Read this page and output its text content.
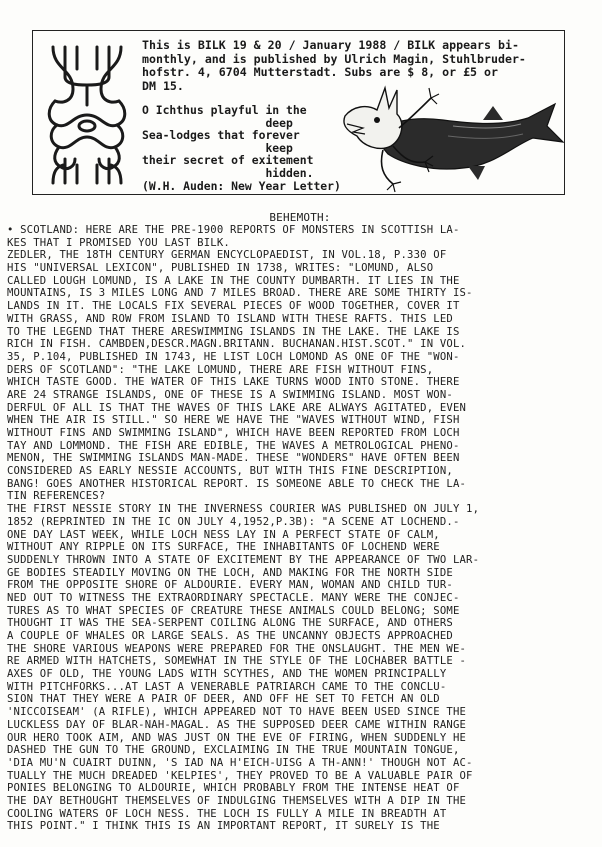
This is BILK 19 & 20 / January 1988 / BILK appears bi-
monthly, and is published by Ulrich Magin, Stuhlbruder-
hofstr. 4, 6704 Mutterstadt. Subs are $ 8, or £5 or
DM 15.
O Ichthus playful in the
deep
Sea-lodges that forever
keep
their secret of exitement
hidden.
(W.H. Auden: New Year Letter)
BEHEMOTH:
• SCOTLAND: HERE ARE THE PRE-1900 REPORTS OF MONSTERS IN SCOTTISH LA-
KES THAT I PROMISED YOU LAST BILK.
ZEDLER, THE 18TH CENTURY GERMAN ENCYCLOPAEDIST, IN VOL.18, P.330 OF
HIS "UNIVERSAL LEXICON", PUBLISHED IN 1738, WRITES: "LOMUND, ALSO
CALLED LOUGH LOMUND, IS A LAKE IN THE COUNTY DUMBARTH. IT LIES IN THE
MOUNTAINS, IS 3 MILES LONG AND 7 MILES BROAD. THERE ARE SOME THIRTY IS-
LANDS IN IT. THE LOCALS FIX SEVERAL PIECES OF WOOD TOGETHER, COVER IT
WITH GRASS, AND ROW FROM ISLAND TO ISLAND WITH THESE RAFTS. THIS LED
TO THE LEGEND THAT THERE ARESWIMMING ISLANDS IN THE LAKE. THE LAKE IS
RICH IN FISH. CAMBDEN,DESCR.MAGN.BRITANN. BUCHANAN.HIST.SCOT." IN VOL.
35, P.104, PUBLISHED IN 1743, HE LIST LOCH LOMOND AS ONE OF THE "WON-
DERS OF SCOTLAND": "THE LAKE LOMUND, THERE ARE FISH WITHOUT FINS,
WHICH TASTE GOOD. THE WATER OF THIS LAKE TURNS WOOD INTO STONE. THERE
ARE 24 STRANGE ISLANDS, ONE OF THESE IS A SWIMMING ISLAND. MOST WON-
DERFUL OF ALL IS THAT THE WAVES OF THIS LAKE ARE ALWAYS AGITATED, EVEN
WHEN THE AIR IS STILL." SO HERE WE HAVE THE "WAVES WITHOUT WIND, FISH
WITHOUT FINS AND SWIMMING ISLAND", WHICH HAVE BEEN REPORTED FROM LOCH
TAY AND LOMMOND. THE FISH ARE EDIBLE, THE WAVES A METROLOGICAL PHENO-
MENON, THE SWIMMING ISLANDS MAN-MADE. THESE "WONDERS" HAVE OFTEN BEEN
CONSIDERED AS EARLY NESSIE ACCOUNTS, BUT WITH THIS FINE DESCRIPTION,
BANG! GOES ANOTHER HISTORICAL REPORT. IS SOMEONE ABLE TO CHECK THE LA-
TIN REFERENCES?
THE FIRST NESSIE STORY IN THE INVERNESS COURIER WAS PUBLISHED ON JULY 1,
1852 (REPRINTED IN THE IC ON JULY 4,1952,P.3B): "A SCENE AT LOCHEND.-
ONE DAY LAST WEEK, WHILE LOCH NESS LAY IN A PERFECT STATE OF CALM,
WITHOUT ANY RIPPLE ON ITS SURFACE, THE INHABITANTS OF LOCHEND WERE
SUDDENLY THROWN INTO A STATE OF EXCITEMENT BY THE APPEARANCE OF TWO LAR-
GE BODIES STEADILY MOVING ON THE LOCH, AND MAKING FOR THE NORTH SIDE
FROM THE OPPOSITE SHORE OF ALDOURIE. EVERY MAN, WOMAN AND CHILD TUR-
NED OUT TO WITNESS THE EXTRAORDINARY SPECTACLE. MANY WERE THE CONJEC-
TURES AS TO WHAT SPECIES OF CREATURE THESE ANIMALS COULD BELONG; SOME
THOUGHT IT WAS THE SEA-SERPENT COILING ALONG THE SURFACE, AND OTHERS
A COUPLE OF WHALES OR LARGE SEALS. AS THE UNCANNY OBJECTS APPROACHED
THE SHORE VARIOUS WEAPONS WERE PREPARED FOR THE ONSLAUGHT. THE MEN WE-
RE ARMED WITH HATCHETS, SOMEWHAT IN THE STYLE OF THE LOCHABER BATTLE -
AXES OF OLD, THE YOUNG LADS WITH SCYTHES, AND THE WOMEN PRINCIPALLY
WITH PITCHFORKS...AT LAST A VENERABLE PATRIARCH CAME TO THE CONCLU-
SION THAT THEY WERE A PAIR OF DEER, AND OFF HE SET TO FETCH AN OLD
'NICCOISEAM' (A RIFLE), WHICH APPEARED NOT TO HAVE BEEN USED SINCE THE
LUCKLESS DAY OF BLAR-NAH-MAGAL. AS THE SUPPOSED DEER CAME WITHIN RANGE
OUR HERO TOOK AIM, AND WAS JUST ON THE EVE OF FIRING, WHEN SUDDENLY HE
DASHED THE GUN TO THE GROUND, EXCLAIMING IN THE TRUE MOUNTAIN TONGUE,
'DIA MU'N CUAIRT DUINN, 'S IAD NA H'EICH-UISG A TH-ANN!' THOUGH NOT AC-
TUALLY THE MUCH DREADED 'KELPIES', THEY PROVED TO BE A VALUABLE PAIR OF
PONIES BELONGING TO ALDOURIE, WHICH PROBABLY FROM THE INTENSE HEAT OF
THE DAY BETHOUGHT THEMSELVES OF INDULGING THEMSELVES WITH A DIP IN THE
COOLING WATERS OF LOCH NESS. THE LOCH IS FULLY A MILE IN BREADTH AT
THIS POINT." I THINK THIS IS AN IMPORTANT REPORT, IT SURELY IS THE
